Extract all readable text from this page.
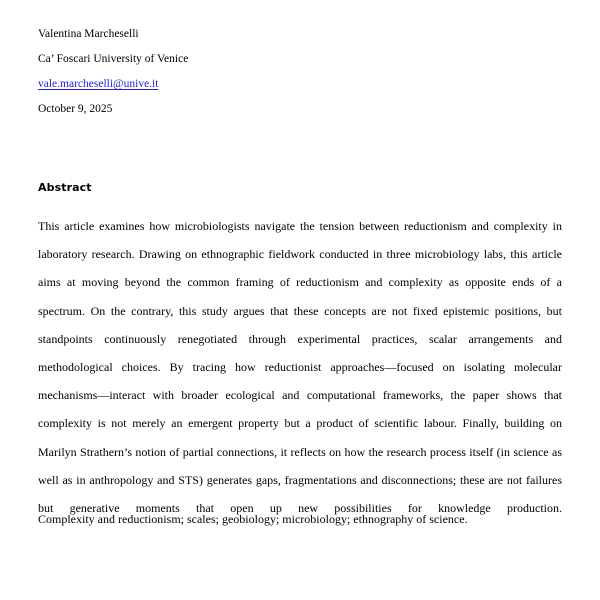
Valentina Marcheselli
Ca’ Foscari University of Venice
vale.marcheselli@unive.it
October 9, 2025
Abstract
This article examines how microbiologists navigate the tension between reductionism and complexity in laboratory research. Drawing on ethnographic fieldwork conducted in three microbiology labs, this article aims at moving beyond the common framing of reductionism and complexity as opposite ends of a spectrum. On the contrary, this study argues that these concepts are not fixed epistemic positions, but standpoints continuously renegotiated through experimental practices, scalar arrangements and methodological choices. By tracing how reductionist approaches—focused on isolating molecular mechanisms—interact with broader ecological and computational frameworks, the paper shows that complexity is not merely an emergent property but a product of scientific labour. Finally, building on Marilyn Strathern’s notion of partial connections, it reflects on how the research process itself (in science as well as in anthropology and STS) generates gaps, fragmentations and disconnections; these are not failures but generative moments that open up new possibilities for knowledge production.
Complexity and reductionism; scales; geobiology; microbiology; ethnography of science.
